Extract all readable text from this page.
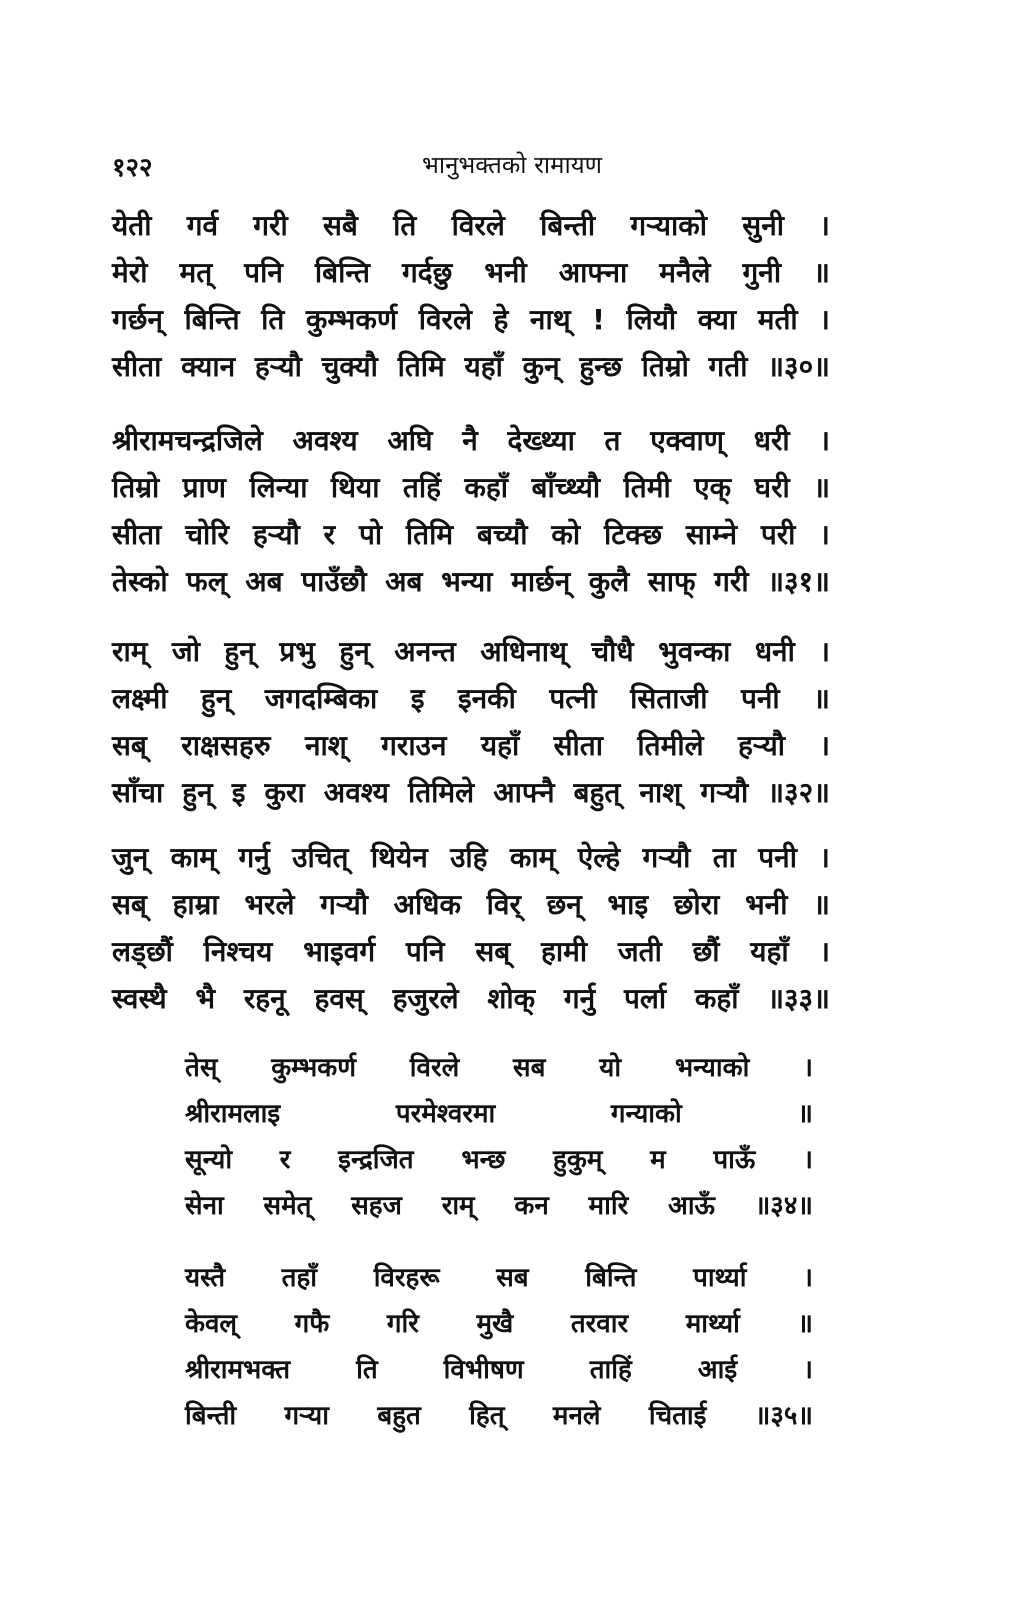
१२२	भानुभक्तको रामायण
येती गर्व गरी सबै ति विरले बिन्ती गर्‍याको सुनी ।
मेरो मत् पनि बिन्ति गर्दछु भनी आफ्ना मनैले गुनी ॥
गर्छन् बिन्ति ति कुम्भकर्ण विरले हे नाथ् ! लियौ क्या मती ।
सीता क्यान हर्‍यौ चुक्यौ तिमि यहाँ कुन् हुन्छ तिम्रो गती ॥३०॥
श्रीरामचन्द्रजिले अवश्य अघि नै देख्थ्या त एक्वाण् धरी ।
तिम्रो प्राण लिन्या थिया तहिं कहाँ बाँच्थ्यौ तिमी एक् घरी ॥
सीता चोरि हर्‍यौ र पो तिमि बच्यौ को टिक्छ साम्ने परी ।
तेस्को फल् अब पाउँछौ अब भन्या मार्छन् कुलै साफ् गरी ॥३१॥
राम् जो हुन् प्रभु हुन् अनन्त अधिनाथ् चौधै भुवन्का धनी ।
लक्ष्मी हुन् जगदम्बिका इ इनकी पत्नी सिताजी पनी ॥
सब् राक्षसहरु नाश् गराउन यहाँ सीता तिमीले हर्‍यौ ।
साँचा हुन् इ कुरा अवश्य तिमिले आफ्नै बहुत् नाश् गर्‍यौ ॥३२॥
जुन् काम् गर्नु उचित् थियेन उहि काम् ऐल्हे गर्‍यौ ता पनी ।
सब् हाम्रा भरले गर्‍यौ अधिक विर् छन् भाइ छोरा भनी ॥
लड्छौं निश्चय भाइवर्ग पनि सब् हामी जती छौं यहाँ ।
स्वस्थै भै रहनू हवस् हजुरले शोक् गर्नु पर्ला कहाँ ॥३३॥
तेस् कुम्भकर्ण विरले सब यो भन्याको ।
श्रीरामलाइ	परमेश्वरमा	गन्याको	॥
सून्यो र इन्द्रजित भन्छ हुकुम् म पाऊँ ।
सेना समेत् सहज राम् कन मारि आऊँ ॥३४॥
यस्तै तहाँ विरहरू सब बिन्ति पार्थ्या ।
केवल् गफै गरि मुखै तरवार मार्थ्या ॥
श्रीरामभक्त	ति	विभीषण	ताहिं	आई	।
बिन्ती गर्‍या बहुत हित् मनले चिताई ॥३५॥
